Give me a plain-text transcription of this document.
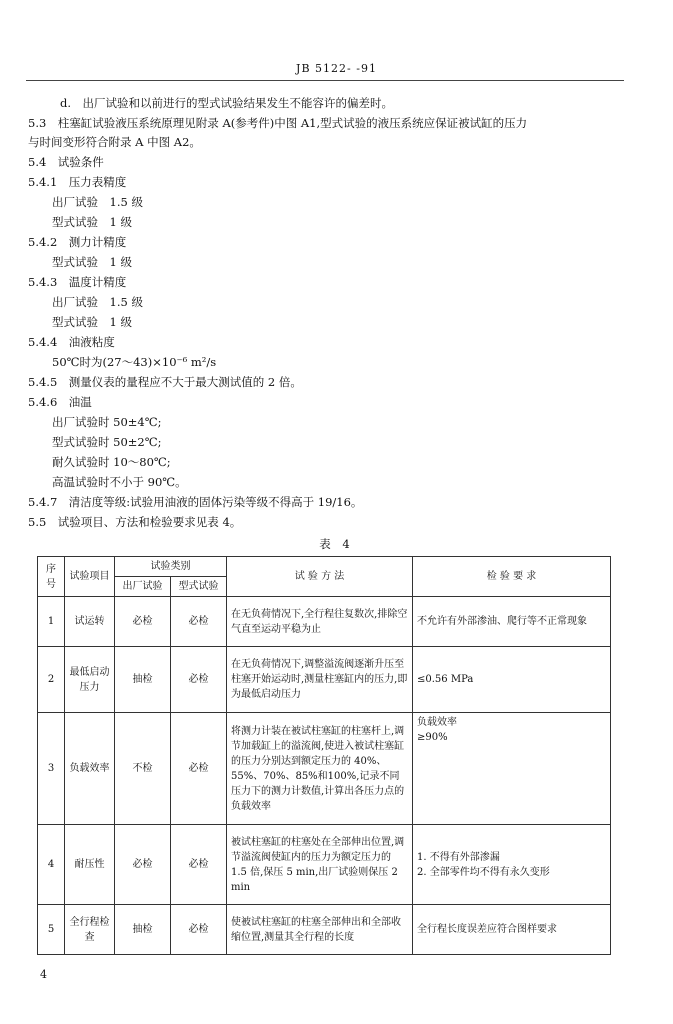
JB 5122- -91
d.　出厂试验和以前进行的型式试验结果发生不能容许的偏差时。
5.3　柱塞缸试验液压系统原理见附录 A(参考件)中图 A1,型式试验的液压系统应保证被试缸的压力
与时间变形符合附录 A 中图 A2。
5.4　试验条件
5.4.1　压力表精度
出厂试验　1.5 级
型式试验　1 级
5.4.2　测力计精度
型式试验　1 级
5.4.3　温度计精度
出厂试验　1.5 级
型式试验　1 级
5.4.4　油液粘度
50℃时为(27～43)×10⁻⁶ m²/s
5.4.5　测量仪表的量程应不大于最大测试值的 2 倍。
5.4.6　油温
出厂试验时 50±4℃;
型式试验时 50±2℃;
耐久试验时 10～80℃;
高温试验时不小于 90℃。
5.4.7　清洁度等级:试验用油液的固体污染等级不得高于 19/16。
5.5　试验项目、方法和检验要求见表 4。
表 4
序号	试验项目	试验类别		试 验 方 法	检 验 要 求
		出厂试验	型式试验		
1	试运转	必检	必检	在无负荷情况下,全行程往复数次,排除空气直至运动平稳为止	不允许有外部渗油、爬行等不正常现象
2	最低启动压力	抽检	必检	在无负荷情况下,调整溢流阀逐渐升压至柱塞开始运动时,测量柱塞缸内的压力,即为最低启动压力	≤0.56 MPa
3	负载效率	不检	必检	将测力计装在被试柱塞缸的柱塞杆上,调节加载缸上的溢流阀,使进入被试柱塞缸的压力分别达到额定压力的 40%、55%、70%、85%和100%,记录不同压力下的测力计数值,计算出各压力点的负载效率	负载效率
≥90%
4	耐压性	必检	必检	被试柱塞缸的柱塞处在全部伸出位置,调节溢流阀使缸内的压力为额定压力的 1.5 倍,保压 5 min,出厂试验则保压 2 min	1. 不得有外部渗漏
2. 全部零件均不得有永久变形
5	全行程检查	抽检	必检	使被试柱塞缸的柱塞全部伸出和全部收缩位置,测量其全行程的长度	全行程长度误差应符合图样要求
4
